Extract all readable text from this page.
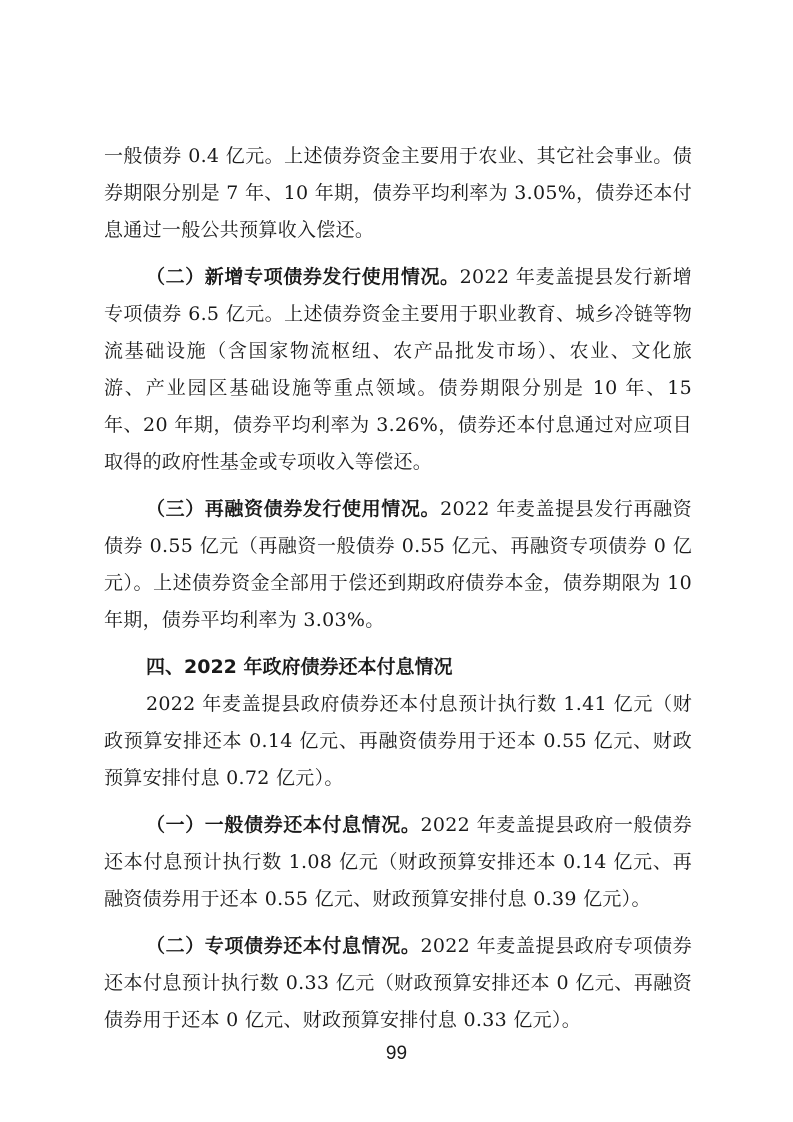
一般债券 0.4 亿元。上述债券资金主要用于农业、其它社会事业。债券期限分别是 7 年、10 年期，债券平均利率为 3.05%，债券还本付息通过一般公共预算收入偿还。

（二）新增专项债券发行使用情况。2022 年麦盖提县发行新增专项债券 6.5 亿元。上述债券资金主要用于职业教育、城乡冷链等物流基础设施（含国家物流枢纽、农产品批发市场）、农业、文化旅游、产业园区基础设施等重点领域。债券期限分别是 10 年、15 年、20 年期，债券平均利率为 3.26%，债券还本付息通过对应项目取得的政府性基金或专项收入等偿还。

（三）再融资债券发行使用情况。2022 年麦盖提县发行再融资债券 0.55 亿元（再融资一般债券 0.55 亿元、再融资专项债券 0 亿元）。上述债券资金全部用于偿还到期政府债券本金，债券期限为 10 年期，债券平均利率为 3.03%。

四、2022 年政府债券还本付息情况

2022 年麦盖提县政府债券还本付息预计执行数 1.41 亿元（财政预算安排还本 0.14 亿元、再融资债券用于还本 0.55 亿元、财政预算安排付息 0.72 亿元）。

（一）一般债券还本付息情况。2022 年麦盖提县政府一般债券还本付息预计执行数 1.08 亿元（财政预算安排还本 0.14 亿元、再融资债券用于还本 0.55 亿元、财政预算安排付息 0.39 亿元）。

（二）专项债券还本付息情况。2022 年麦盖提县政府专项债券还本付息预计执行数 0.33 亿元（财政预算安排还本 0 亿元、再融资债券用于还本 0 亿元、财政预算安排付息 0.33 亿元）。

99
